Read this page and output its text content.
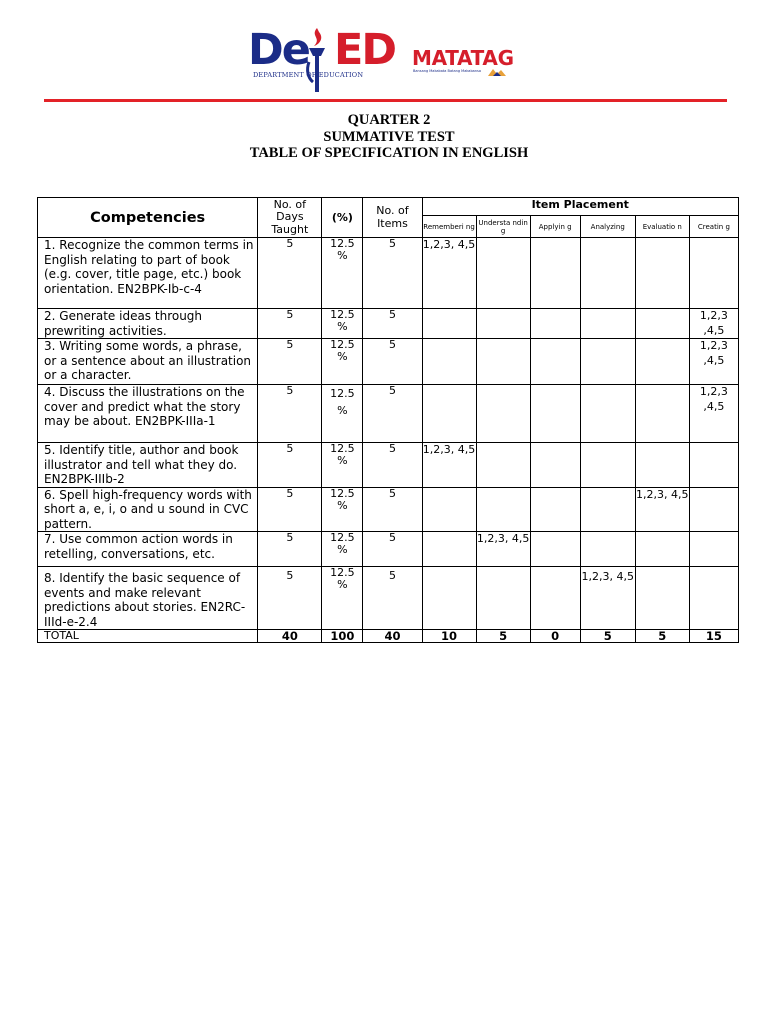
De ED
DEPARTMENT OF EDUCATION
MATATAG
Bansang Makabata Batang Makabansa
QUARTER 2
SUMMATIVE TEST
TABLE OF SPECIFICATION IN ENGLISH
Competencies	No. of Days Taught	(%)	No. of Items	Item Placement					
				Rememberi ng	Understa nding	Applyin g	Analyzing	Evaluatio n	Creatin g
1. Recognize the common terms in English relating to part of book (e.g. cover, title page, etc.) book orientation. EN2BPK-Ib-c-4	5	12.5 %	5	1,2,3, 4,5					
2. Generate ideas through prewriting activities.	5	12.5 %	5						1,2,3 ,4,5
3. Writing some words, a phrase, or a sentence about an illustration or a character.	5	12.5 %	5						1,2,3 ,4,5
4. Discuss the illustrations on the cover and predict what the story may be about. EN2BPK-IIIa-1	5	12.5 %	5						1,2,3 ,4,5
5. Identify title, author and book illustrator and tell what they do. EN2BPK-IIIb-2	5	12.5 %	5	1,2,3, 4,5					
6. Spell high-frequency words with short a, e, i, o and u sound in CVC pattern.	5	12.5 %	5					1,2,3, 4,5	
7. Use common action words in retelling, conversations, etc.	5	12.5 %	5		1,2,3, 4,5				
8. Identify the basic sequence of events and make relevant predictions about stories. EN2RC-IIId-e-2.4	5	12.5 %	5				1,2,3, 4,5		
TOTAL	40	100	40	10	5	0	5	5	15
